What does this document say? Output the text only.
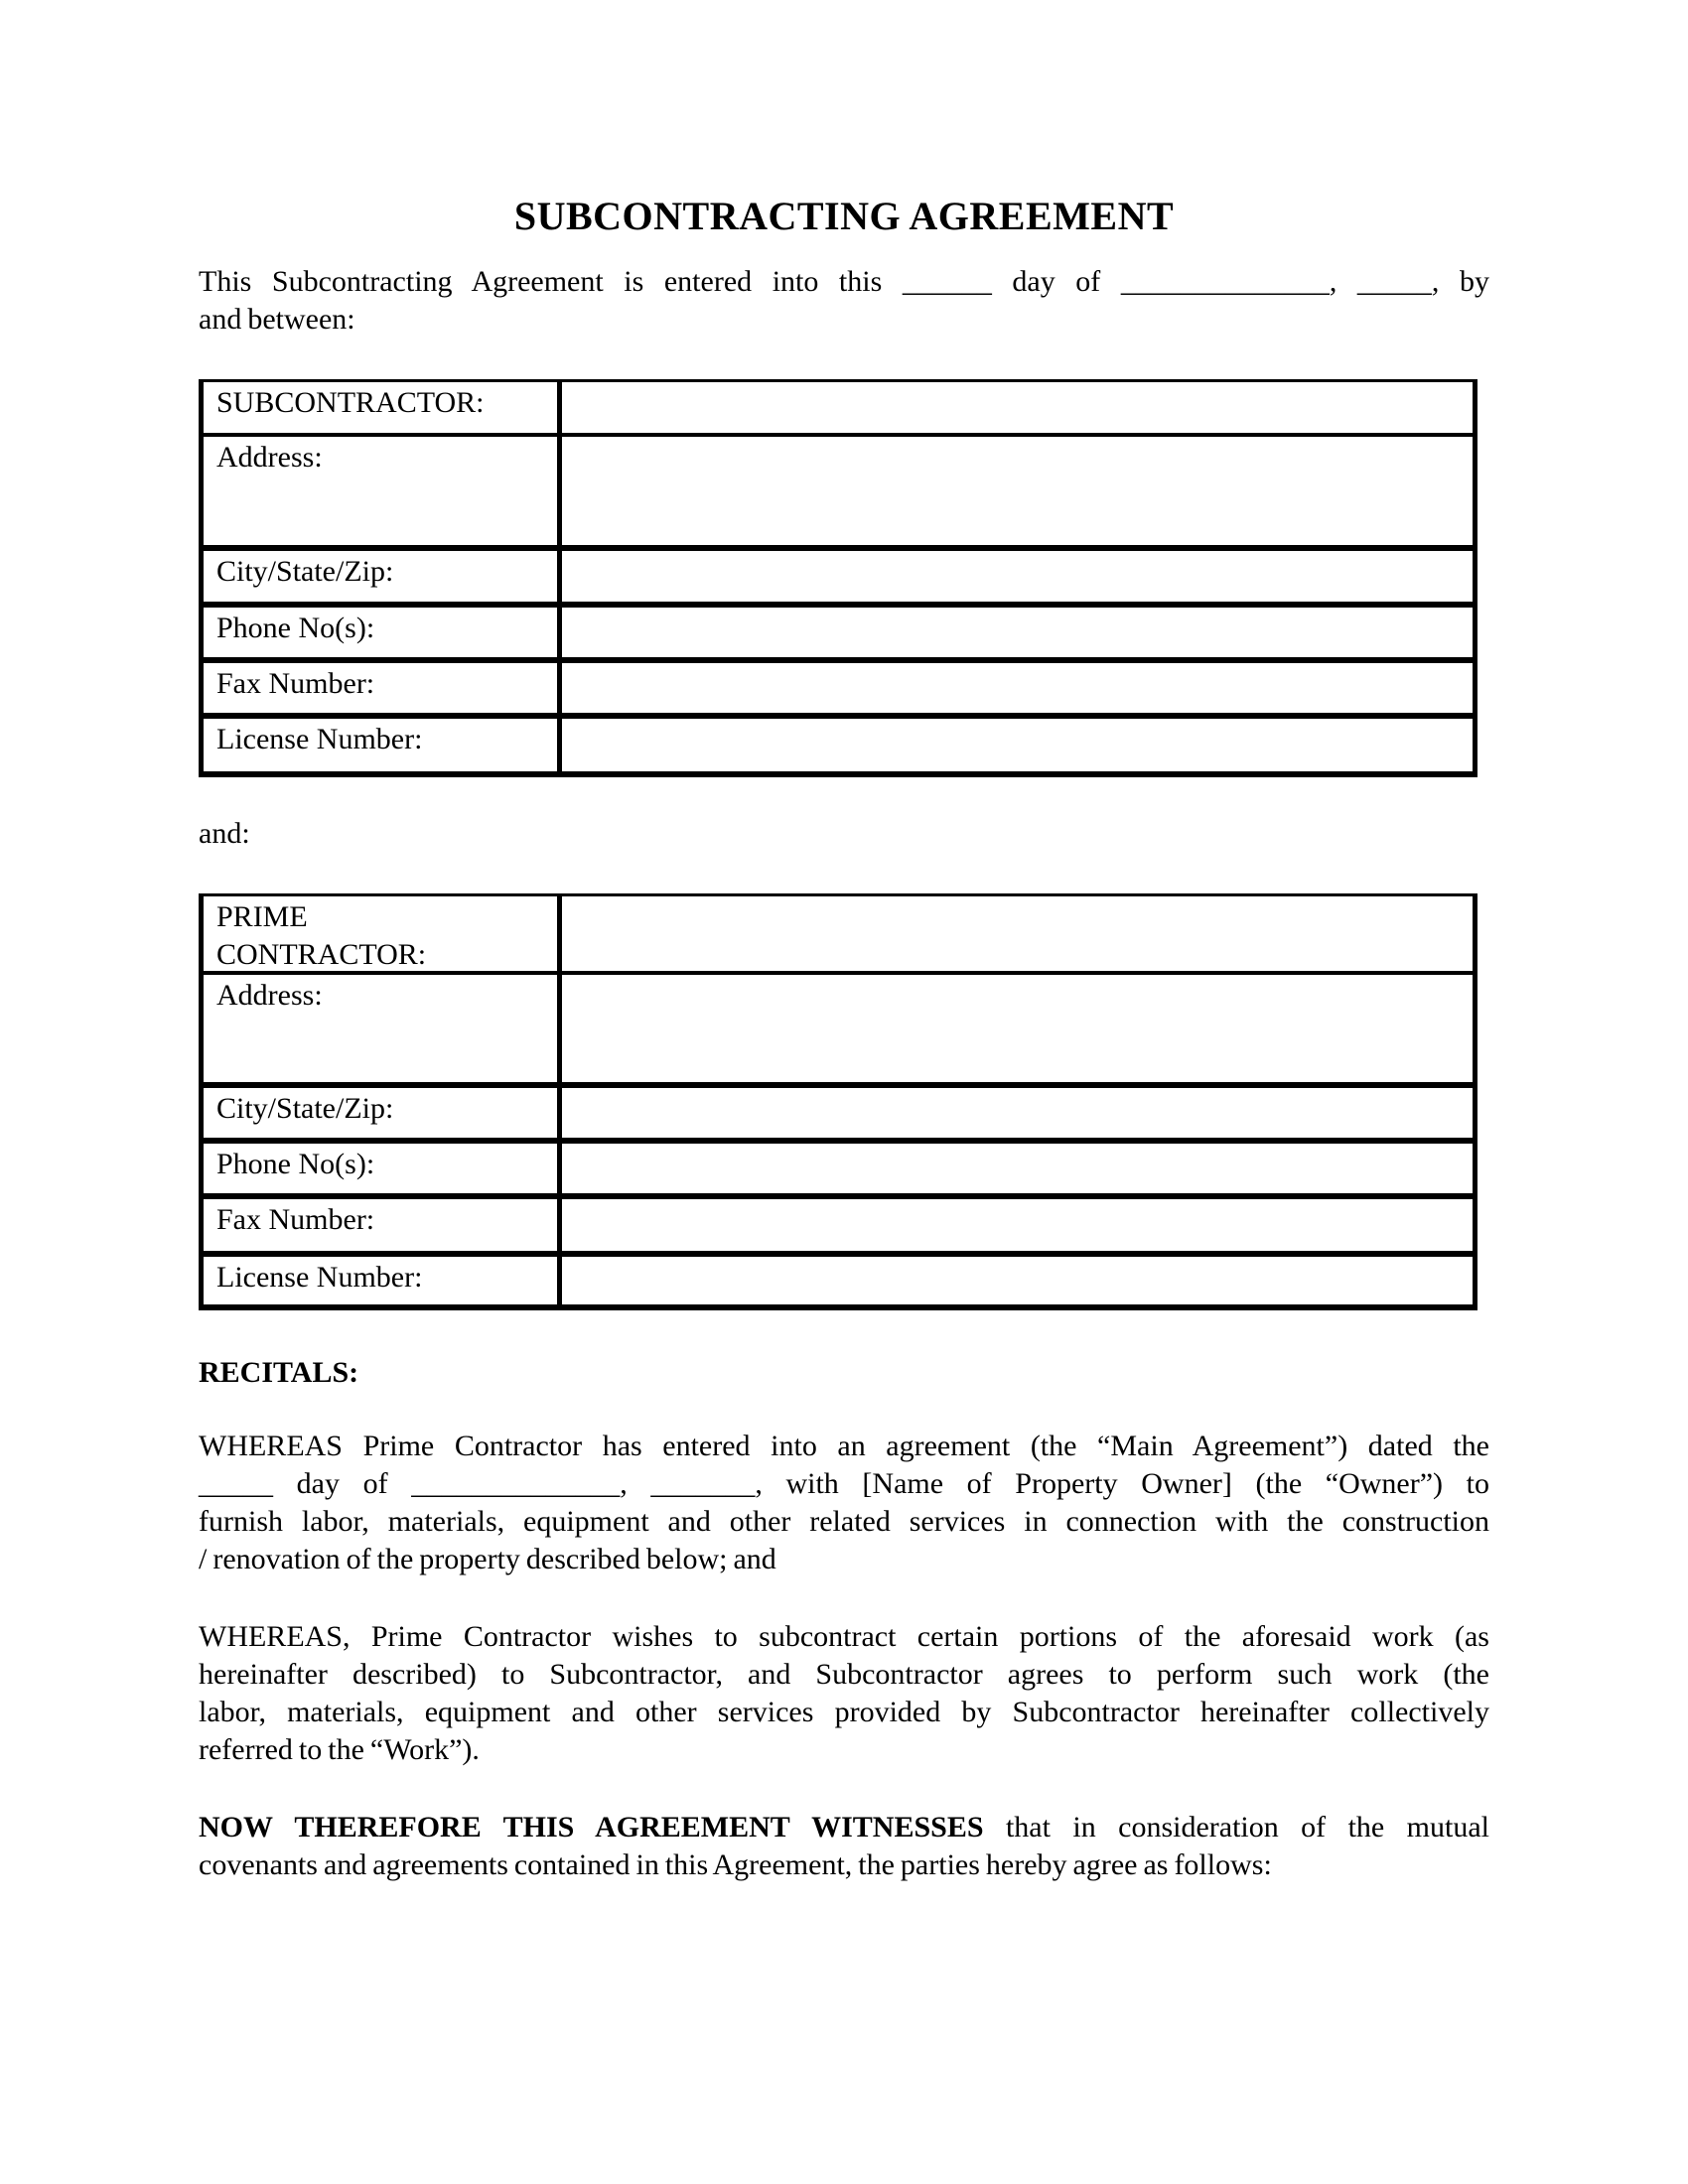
SUBCONTRACTING AGREEMENT
This Subcontracting Agreement is entered into this ______ day of ______________, _____, by
and between:
SUBCONTRACTOR:
Address:
City/State/Zip:
Phone No(s):
Fax Number:
License Number:
and:
PRIME CONTRACTOR:
Address:
City/State/Zip:
Phone No(s):
Fax Number:
License Number:
RECITALS:
WHEREAS Prime Contractor has entered into an agreement (the “Main Agreement”) dated the
_____ day of ______________, _______, with [Name of Property Owner] (the “Owner”) to
furnish labor, materials, equipment and other related services in connection with the construction
/ renovation of the property described below; and
WHEREAS, Prime Contractor wishes to subcontract certain portions of the aforesaid work (as
hereinafter described) to Subcontractor, and Subcontractor agrees to perform such work (the
labor, materials, equipment and other services provided by Subcontractor hereinafter collectively
referred to the “Work”).
NOW THEREFORE THIS AGREEMENT WITNESSES that in consideration of the mutual
covenants and agreements contained in this Agreement, the parties hereby agree as follows:
